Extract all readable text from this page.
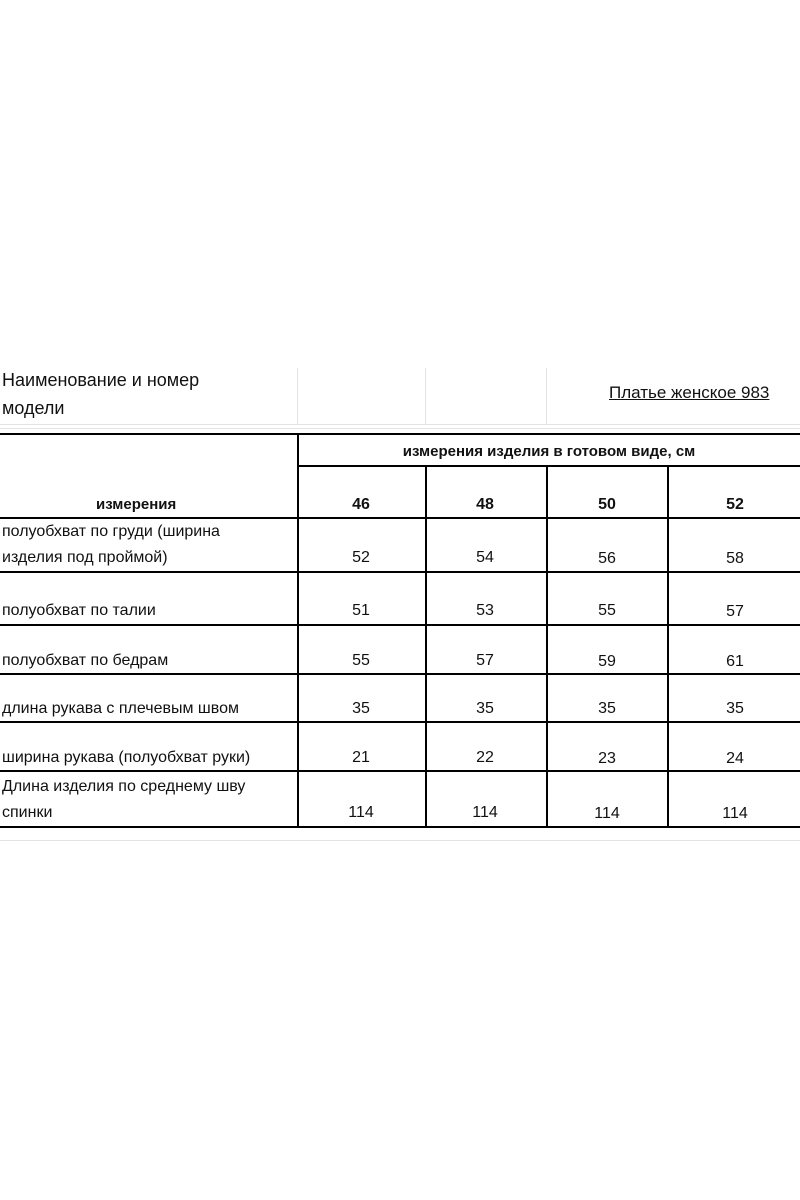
Наименование и номер
модели
Платье женское 983
измерения изделия в готовом виде, см
измерения	46	48	50	52
полуобхват по груди (ширина
изделия под проймой)	52	54	56	58
полуобхват по талии	51	53	55	57
полуобхват по бедрам	55	57	59	61
длина рукава с плечевым швом	35	35	35	35
ширина рукава (полуобхват руки)	21	22	23	24
Длина изделия по среднему шву
спинки	114	114	114	114
